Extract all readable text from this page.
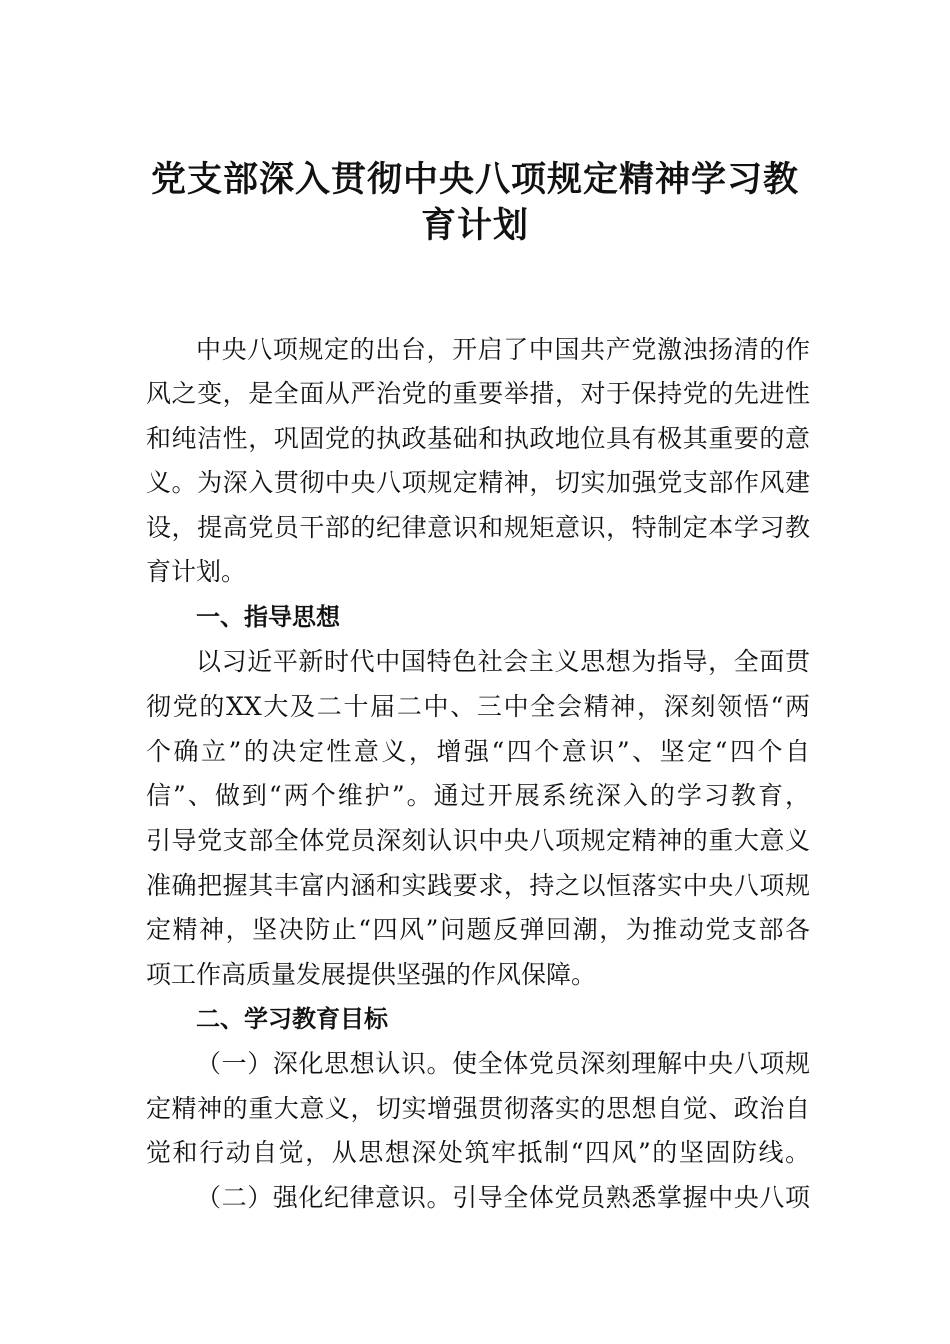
党支部深入贯彻中央八项规定精神学习教
育计划
中央八项规定的出台，开启了中国共产党激浊扬清的作
风之变，是全面从严治党的重要举措，对于保持党的先进性
和纯洁性，巩固党的执政基础和执政地位具有极其重要的意
义。为深入贯彻中央八项规定精神，切实加强党支部作风建
设，提高党员干部的纪律意识和规矩意识，特制定本学习教
育计划。
一、指导思想
以习近平新时代中国特色社会主义思想为指导，全面贯
彻党的XX大及二十届二中、三中全会精神，深刻领悟“两
个确立”的决定性意义，增强“四个意识”、坚定“四个自
信”、做到“两个维护”。通过开展系统深入的学习教育，
引导党支部全体党员深刻认识中央八项规定精神的重大意义
准确把握其丰富内涵和实践要求，持之以恒落实中央八项规
定精神，坚决防止“四风”问题反弹回潮，为推动党支部各
项工作高质量发展提供坚强的作风保障。
二、学习教育目标
（一）深化思想认识。使全体党员深刻理解中央八项规
定精神的重大意义，切实增强贯彻落实的思想自觉、政治自
觉和行动自觉，从思想深处筑牢抵制“四风”的坚固防线。
（二）强化纪律意识。引导全体党员熟悉掌握中央八项
